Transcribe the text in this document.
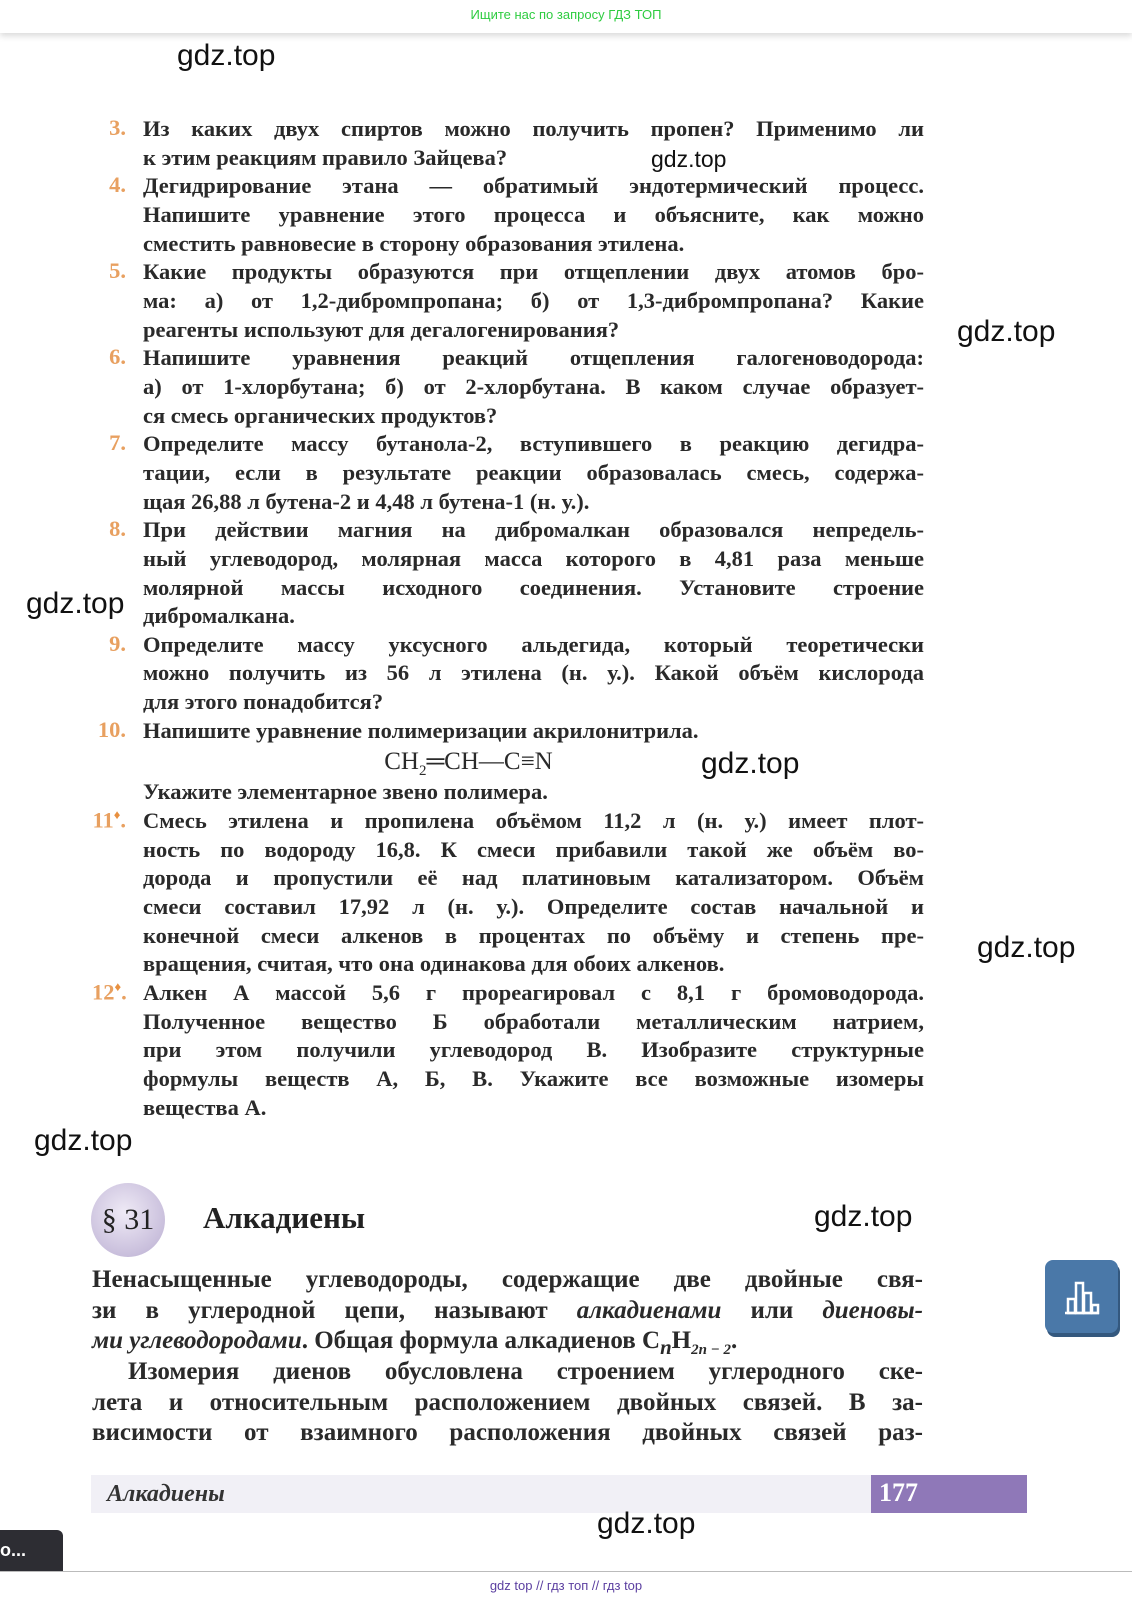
Ищите нас по запросу ГДЗ ТОП
gdz.top
gdz.top
gdz.top
gdz.top
gdz.top
gdz.top
gdz.top
gdz.top
gdz.top
3. Из каких двух спиртов можно получить пропен? Применимо ли
к этим реакциям правило Зайцева?
4. Дегидрирование этана — обратимый эндотермический процесс.
Напишите уравнение этого процесса и объясните, как можно
сместить равновесие в сторону образования этилена.
5. Какие продукты образуются при отщеплении двух атомов бро-
ма: а) от 1,2-дибромпропана; б) от 1,3-дибромпропана? Какие
реагенты используют для дегалогенирования?
6. Напишите уравнения реакций отщепления галогеноводорода:
а) от 1-хлорбутана; б) от 2-хлорбутана. В каком случае образует-
ся смесь органических продуктов?
7. Определите массу бутанола-2, вступившего в реакцию дегидра-
тации, если в результате реакции образовалась смесь, содержа-
щая 26,88 л бутена-2 и 4,48 л бутена-1 (н. у.).
8. При действии магния на дибромалкан образовался непредель-
ный углеводород, молярная масса которого в 4,81 раза меньше
молярной массы исходного соединения. Установите строение
дибромалкана.
9. Определите массу уксусного альдегида, который теоретически
можно получить из 56 л этилена (н. у.). Какой объём кислорода
для этого понадобится?
10. Напишите уравнение полимеризации акрилонитрила.
$CH_2═CH—C\equiv N$
Укажите элементарное звено полимера.
11♦. Смесь этилена и пропилена объёмом 11,2 л (н. у.) имеет плот-
ность по водороду 16,8. К смеси прибавили такой же объём во-
дорода и пропустили её над платиновым катализатором. Объём
смеси составил 17,92 л (н. у.). Определите состав начальной и
конечной смеси алкенов в процентах по объёму и степень пре-
вращения, считая, что она одинакова для обоих алкенов.
12♦. Алкен А массой 5,6 г прореагировал с 8,1 г бромоводорода.
Полученное вещество Б обработали металлическим натрием,
при этом получили углеводород В. Изобразите структурные
формулы веществ А, Б, В. Укажите все возможные изомеры
вещества А.
§ 31	Алкадиены
Ненасыщенные углеводороды, содержащие две двойные свя-
зи в углеродной цепи, называют алкадиенами или диеновы-
ми углеводородами. Общая формула алкадиенов $C_nH_{2n - 2}$.
Изомерия диенов обусловлена строением углеродного ске-
лета и относительным расположением двойных связей. В за-
висимости от взаимного расположения двойных связей раз-
Алкадиены	177
о...
gdz top // гдз топ // гдз top
